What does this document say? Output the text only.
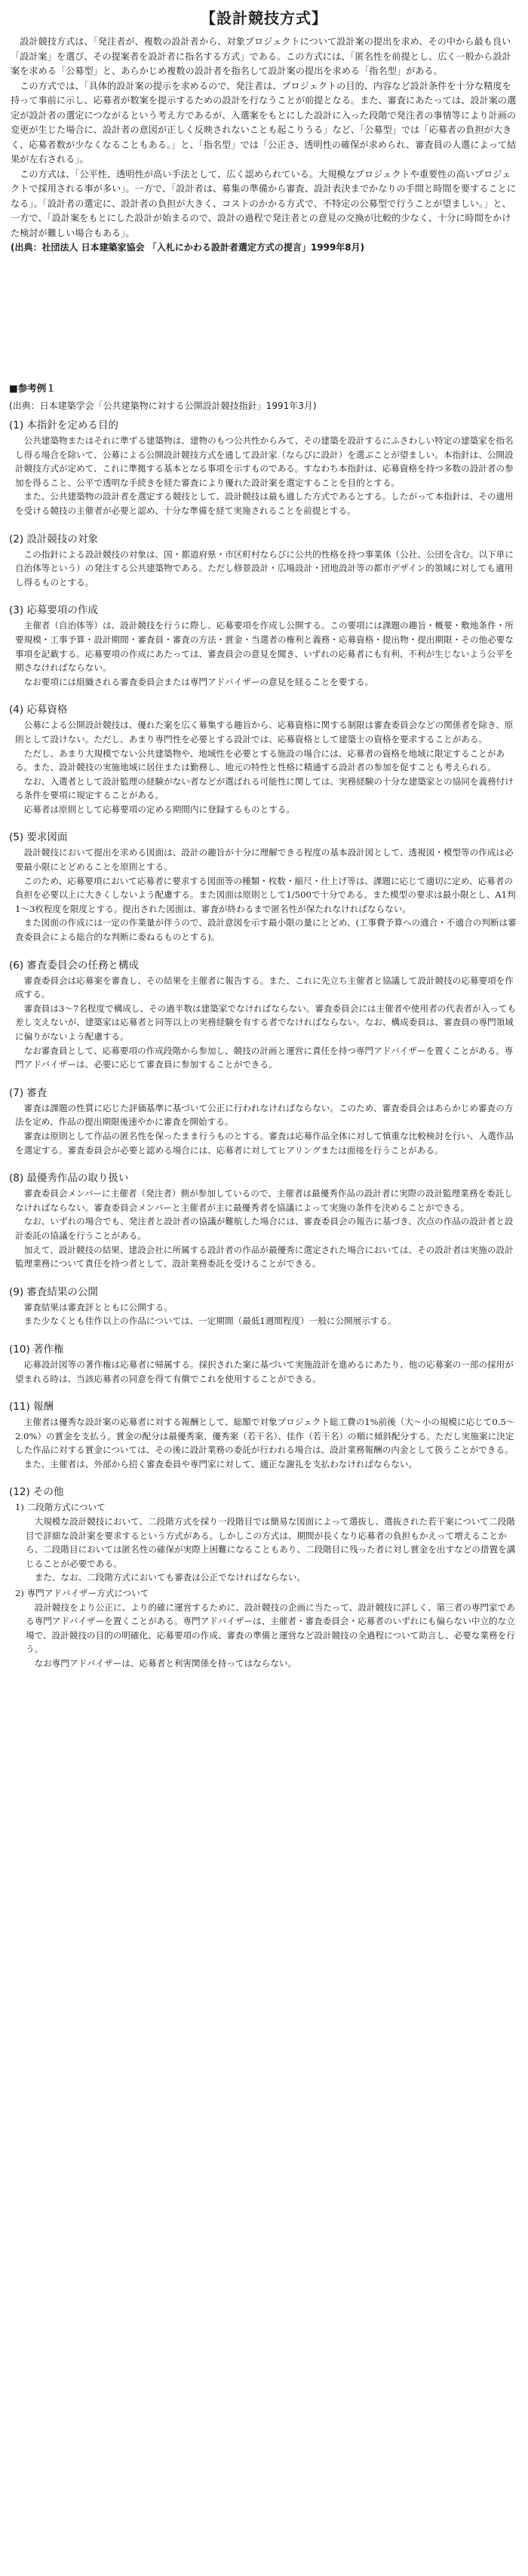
【設計競技方式】

設計競技方式は、「発注者が、複数の設計者から、対象プロジェクトについて設計案の提出を求め、その中から最も良い「設計案」を選び、その提案者を設計者に指名する方式」である。この方式には、「匿名性を前提とし、広く一般から設計案を求める「公募型」と、あらかじめ複数の設計者を指名して設計案の提出を求める「指名型」がある。

この方式では、「具体的設計案の提示を求めるので、発注者は、プロジェクトの目的、内容など設計条件を十分な精度を持って事前に示し、応募者が数案を提示するための設計を行なうことが前提となる。また、審査にあたっては、設計案の選定が設計者の選定につながるという考え方であるが、入選案をもとにした設計に入った段階で発注者の事情等により計画の変更が生じた場合に、設計者の意図が正しく反映されないことも起こりうる」など、「公募型」では「応募者の負担が大きく、応募者数が少なくなることもある。」と、「指名型」では「公正さ、透明性の確保が求められ、審査員の人選によって結果が左右される」。

この方式は、「公平性、透明性が高い手法として、広く認められている。大規模なプロジェクトや重要性の高いプロジェクトで採用される事が多い」。一方で、「設計者は、募集の準備から審査、設計表決までかなりの手間と時間を要することになる」。「設計者の選定に、設計者の負担が大きく、コストのかかる方式で、不特定の公募型で行うことが望ましい。」と、一方で、「設計案をもとにした設計が始まるので、設計の過程で発注者との意見の交換が比較的少なく、十分に時間をかけた検討が難しい場合もある」。

(出典：社団法人 日本建築家協会 「入札にかわる設計者選定方式の提言」1999年8月)

■参考例１
(出典：日本建築学会「公共建築物に対する公開設計競技指針」1991年3月)
(1) 本指針を定める目的

公共建築物またはそれに準ずる建築物は、建物のもつ公共性からみて、その建築を設計するにふさわしい特定の建築家を指名し得る場合を除いて、公募による公開設計競技方式を通して設計家（ならびに設計）を選ぶことが望ましい。本指針は、公開設計競技方式が定めて、これに準拠する基本となる事項を示すものである。すなわち本指針は、応募資格を持つ多数の設計者の参加を得ること、公平で透明な手続きを経た審査により優れた設計案を選定することを目的とする。

また、公共建築物の設計者を選定する競技として、設計競技は最も適した方式であるとする。したがって本指針は、その適用を受ける競技の主催者が必要と認め、十分な準備を経て実施されることを前提とする。

(2) 設計競技の対象

この指針による設計競技の対象は、国・都道府県・市区町村ならびに公共的性格を持つ事業体（公社、公団を含む。以下単に自治体等という）の発注する公共建築物である。ただし修景設計・広場設計・団地設計等の都市デザイン的領域に対しても適用し得るものとする。

(3) 応募要項の作成

主催者（自治体等）は、設計競技を行うに際し、応募要項を作成し公開する。この要項には課題の趣旨・概要・敷地条件・所要規模・工事予算・設計期間・審査員・審査の方法・賞金・当選者の権利と義務・応募資格・提出物・提出期限・その他必要な事項を記載する。応募要項の作成にあたっては、審査員会の意見を聞き、いずれの応募者にも有利、不利が生じないよう公平を期さなければならない。

なお要項には組織される審査委員会または専門アドバイザーの意見を経ることを要する。

(4) 応募資格

公募による公開設計競技は、優れた案を広く募集する趣旨から、応募資格に関する制限は審査委員会などの関係者を除き、原則として設けない。ただし、あまり専門性を必要とする設計では、応募資格として建築士の資格を要求することがある。

ただし、あまり大規模でない公共建築物や、地域性を必要とする施設の場合には、応募者の資格を地域に限定することがある。また、設計競技の実施地域に居住または勤務し、地元の特性と性格に精通する設計者の参加を促すことも考えられる。

なお、入選者として設計監理の経験がない者などが選ばれる可能性に関しては、実務経験の十分な建築家との協同を義務付ける条件を要項に規定することがある。

応募者は原則として応募要項の定める期間内に登録するものとする。

(5) 要求図面

設計競技において提出を求める図面は、設計の趣旨が十分に理解できる程度の基本設計図として、透視図・模型等の作成は必要最小限にとどめることを原則とする。

このため、応募要項において応募者に要求する図面等の種類・枚数・縮尺・仕上げ等は、課題に応じて適切に定め、応募者の負担を必要以上に大きくしないよう配慮する。また図面は原則として1/500で十分である。また模型の要求は最小限とし、A1判1～3枚程度を限度とする。提出された図面は、審査が終わるまで匿名性が保たれなければならない。

また図面の作成には一定の作業量が伴うので、設計意図を示す最小限の量にとどめ、(工事費予算への適合・不適合の判断は審査委員会による総合的な判断に委ねるものとする)。

(6) 審査委員会の任務と構成

審査委員会は応募案を審査し、その結果を主催者に報告する。また、これに先立ち主催者と協議して設計競技の応募要項を作成する。

審査員は3～7名程度で構成し、その過半数は建築家でなければならない。審査委員会には主催者や使用者の代表者が入っても差し支えないが、建築家は応募者と同等以上の実務経験を有する者でなければならない。なお、構成委員は、審査員の専門領域に偏りがないよう配慮する。

なお審査員として、応募要項の作成段階から参加し、競技の計画と運営に責任を持つ専門アドバイザーを置くことがある。専門アドバイザーは、必要に応じて審査員に参加することができる。

(7) 審査

審査は課題の性質に応じた評価基準に基づいて公正に行われなければならない。このため、審査委員会はあらかじめ審査の方法を定め、作品の提出期限後速やかに審査を開始する。

審査は原則として作品の匿名性を保ったまま行うものとする。審査は応募作品全体に対して慎重な比較検討を行い、入選作品を選定する。審査委員会が必要と認める場合には、応募者に対してヒアリングまたは面接を行うことがある。

(8) 最優秀作品の取り扱い

審査委員会メンバーに主催者（発注者）側が参加しているので、主催者は最優秀作品の設計者に実際の設計監理業務を委託しなければならない。審査委員会メンバーと主催者が主に最優秀者を協議によって実施の条件を決めることができる。

なお、いずれの場合でも、発注者と設計者の協議が難航した場合には、審査委員会の報告に基づき、次点の作品の設計者と設計委託の協議を行うことがある。

加えて、設計競技の結果、建設会社に所属する設計者の作品が最優秀に選定された場合においては、その設計者は実施の設計監理業務について責任を持つ者として、設計業務委託を受けることができる。

(9) 審査結果の公開

審査結果は審査評とともに公開する。

また少なくとも佳作以上の作品については、一定期間（最低1週間程度）一般に公開展示する。

(10) 著作権

応募設計図等の著作権は応募者に帰属する。採択された案に基づいて実施設計を進めるにあたり、他の応募案の一部の採用が望まれる時は、当該応募者の同意を得て有償でこれを使用することができる。

(11) 報酬

主催者は優秀な設計案の応募者に対する報酬として、総額で対象プロジェクト総工費の1%前後（大～小の規模に応じて0.5～2.0%）の賞金を支払う。賞金の配分は最優秀案、優秀案（若干名）、佳作（若干名）の順に傾斜配分する。ただし実施案に決定した作品に対する賞金については、その後に設計業務の委託が行われる場合は、設計業務報酬の内金として扱うことができる。

また、主催者は、外部から招く審査委員や専門家に対して、適正な謝礼を支払わなければならない。

(12) その他
1) 二段階方式について

大規模な設計競技において、二段階方式を採り一段階目では簡易な図面によって選抜し、選抜された若干案について二段階目で詳細な設計案を要求するという方式がある。しかしこの方式は、期間が長くなり応募者の負担もかえって増えることから、二段階目においては匿名性の確保が実際上困難になることもあり、二段階目に残った者に対し賞金を出すなどの措置を講じることが必要である。

また、なお、二段階方式においても審査は公正でなければならない。

2) 専門アドバイザー方式について

設計競技をより公正に、より的確に運営するために、設計競技の企画に当たって、設計競技に詳しく、第三者の専門家である専門アドバイザーを置くことがある。専門アドバイザーは、主催者・審査委員会・応募者のいずれにも偏らない中立的な立場で、設計競技の目的の明確化、応募要項の作成、審査の準備と運営など設計競技の全過程について助言し、必要な業務を行う。

なお専門アドバイザーは、応募者と利害関係を持ってはならない。
